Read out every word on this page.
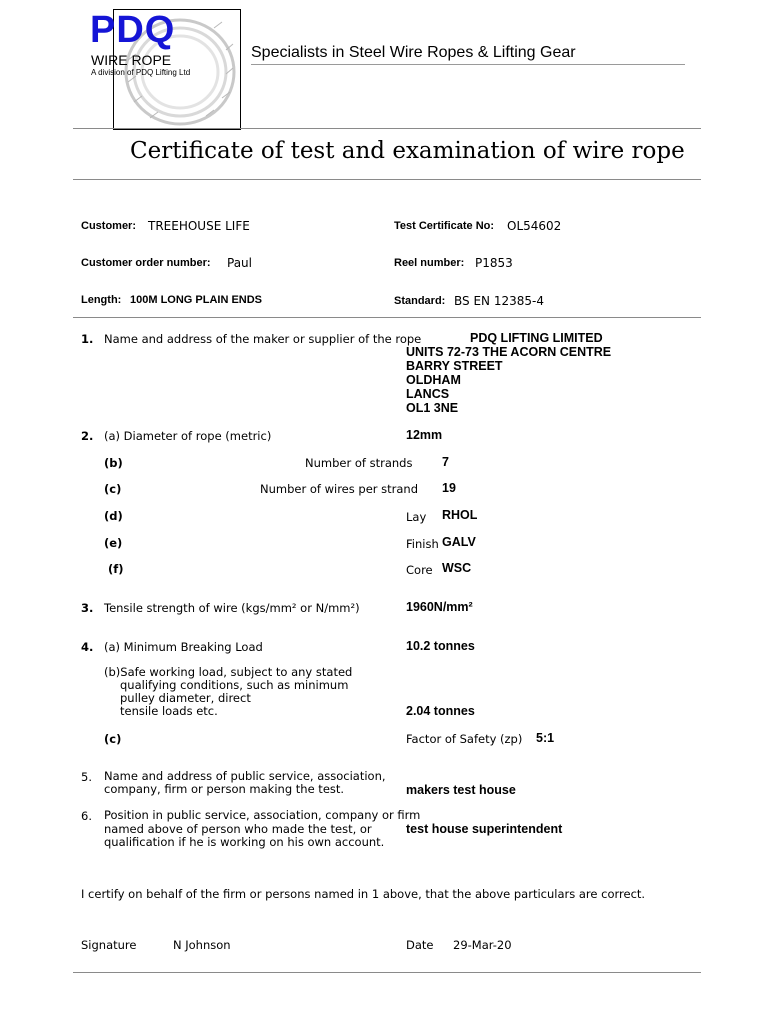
PDQ
WIRE ROPE
A division of PDQ Lifting Ltd
Specialists in Steel Wire Ropes & Lifting Gear
Certificate of test and examination of wire rope
Customer: TREEHOUSE LIFE	Test Certificate No: OL54602
Customer order number: Paul	Reel number: P1853
Length: 100M LONG PLAIN ENDS	Standard: BS EN 12385-4
1. Name and address of the maker or supplier of the rope	PDQ LIFTING LIMITED
UNITS 72-73 THE ACORN CENTRE
BARRY STREET
OLDHAM
LANCS
OL1 3NE
2. (a) Diameter of rope (metric)	12mm
(b)	Number of strands 7
(c)	Number of wires per strand 19
(d)	Lay RHOL
(e)	Finish GALV
(f)	Core WSC
3. Tensile strength of wire (kgs/mm² or N/mm²)	1960N/mm²
4. (a) Minimum Breaking Load	10.2 tonnes
(b)Safe working load, subject to any stated
qualifying conditions, such as minimum
pulley diameter, direct
tensile loads etc.	2.04 tonnes
(c)	Factor of Safety (zp) 5:1
5. Name and address of public service, association,
company, firm or person making the test.	makers test house
6. Position in public service, association, company or firm
named above of person who made the test, or
qualification if he is working on his own account.
test house superintendent
I certify on behalf of the firm or persons named in 1 above, that the above particulars are correct.
Signature	N Johnson	Date 29-Mar-20
